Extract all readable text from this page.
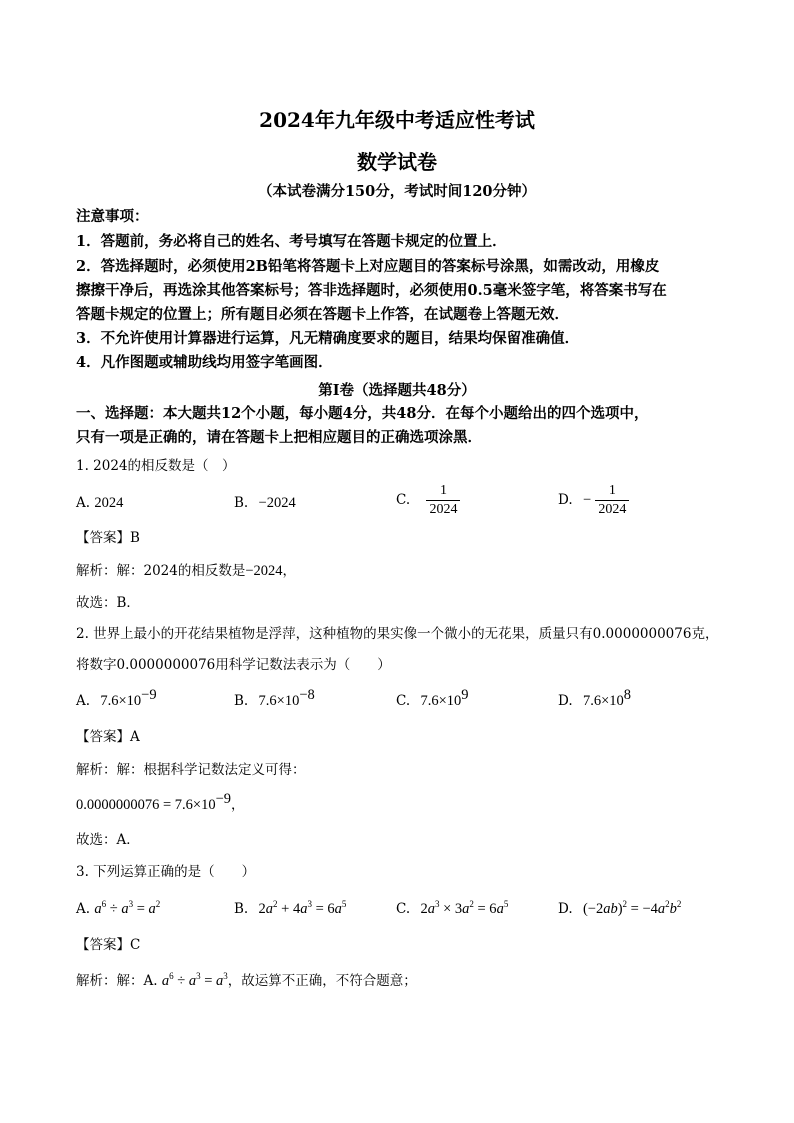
2024年九年级中考适应性考试
数学试卷
（本试卷满分150分，考试时间120分钟）
注意事项：
1．答题前，务必将自己的姓名、考号填写在答题卡规定的位置上．
2．答选择题时，必须使用2B铅笔将答题卡上对应题目的答案标号涂黑，如需改动，用橡皮
擦擦干净后，再选涂其他答案标号；答非选择题时，必须使用0.5毫米签字笔，将答案书写在
答题卡规定的位置上；所有题目必须在答题卡上作答，在试题卷上答题无效．
3．不允许使用计算器进行运算，凡无精确度要求的题目，结果均保留准确值．
4．凡作图题或辅助线均用签字笔画图．
第Ⅰ卷（选择题共48分）
一、选择题：本大题共12个小题，每小题4分，共48分．在每个小题给出的四个选项中，
只有一项是正确的，请在答题卡上把相应题目的正确选项涂黑．
1. 2024的相反数是（　）
A. 2024	B. −2024	C. $\frac{1}{2024}$	D. − $\frac{1}{2024}$
【答案】B
解析：解：2024的相反数是−2024，
故选：B．
2. 世界上最小的开花结果植物是浮萍，这种植物的果实像一个微小的无花果，质量只有0.0000000076克，
将数字0.0000000076用科学记数法表示为（　　）
A. $7.6\times 10^{-9}$	B. $7.6\times 10^{-8}$	C. $7.6\times 10^9$	D. $7.6\times 10^8$
【答案】A
解析：解：根据科学记数法定义可得：
$0.0000000076 = 7.6\times 10^{-9}$，
故选：A．
3. 下列运算正确的是（　　）
A. $a^6 \div a^3 = a^2$	B. $2a^2 + 4a^3 = 6a^5$	C. $2a^3 \times 3a^2 = 6a^5$	D. $(-2ab)^2 = -4a^2b^2$
【答案】C
解析：解：A. $a^6 \div a^3 = a^3$，故运算不正确，不符合题意；
